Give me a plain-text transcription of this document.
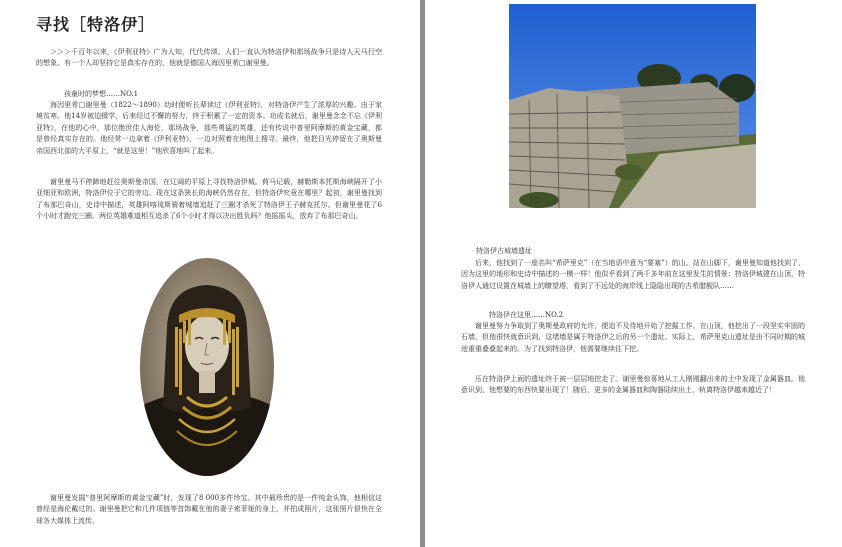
寻找［特洛伊］

＞＞＞千百年以来，《伊利亚特》广为人知，代代传颂。人们一直认为特洛伊和那场战争只是诗人天马行空的想象。有一个人却坚持它是真实存在的，他就是德国人海因里希□谢里曼。

孩童时的梦想……NO.1

海因里希□谢里曼（1822～1890）幼时便听长辈读过《伊利亚特》，对特洛伊产生了浓厚的兴趣。由于家境贫寒，他14岁被迫辍学，后来经过不懈的努力，终于积累了一定的资本。功成名就后，谢里曼念念不忘《伊利亚特》，在他的心中，那位绝世佳人海伦，那场战争，那些勇猛的英雄，还有传说中普里阿摩斯的黄金宝藏，都是曾经真实存在的。他经常一边拿着《伊利亚特》，一边对照着在地图上搜寻。最终，他把目光停留在了奥斯曼帝国西北部的大平原上，“就是这里！”他欣喜地叫了起来。

谢里曼马不停蹄地赶往奥斯曼帝国，在辽阔的平原上寻找特洛伊城。荷马记载，赫勒斯本托斯海峡隔开了小亚细亚和欧洲，特洛伊位于它的旁边。现在这条狭长的海峡仍然存在，但特洛伊究竟在哪里？起初，谢里曼找到了布那巴奇山，史诗中描述，英雄阿喀琉斯骑着城墙追赶了三圈才杀死了特洛伊王子赫克托尔。但谢里曼花了6个小时才跑完三圈。两位英雄难道相互追杀了6个小时才得以决出胜负吗？他摇摇头，放弃了布那巴奇山。

谢里曼发掘“普里阿摩斯的黄金宝藏”时，发现了8 000多件珍宝。其中最珍贵的是一件纯金头饰，他相信这曾经是海伦戴过的。谢里曼把它和几件项链等首饰戴在他的妻子索菲娅的身上，并拍成照片，这张照片很快在全球各大媒体上流传。

特洛伊古城墙遗址

后来，他找到了一座名叫“希萨里克”（在当地语中意为“要塞”）的山。站在山脚下，谢里曼知道他找到了，因为这里的地形和史诗中描述的一模一样！他似乎看到了两千多年前在这里发生的情景：特洛伊城建在山顶，特洛伊人通过设置在城墙上的瞭望塔，看到了不远处的海岸线上隐隐出现的古希腊舰队……

特洛伊在这里……NO.2

谢里曼努力争取到了奥斯曼政府的允许，便迫不及待地开始了挖掘工作。在山顶，他挖出了一段坚实牢固的石墙，但他很快就意识到，这堵墙是属于特洛伊之后的另一个遗址。实际上，希萨里克山遗址是由不同时期的城池重重叠叠起来的。为了找到特洛伊，他需要继续往下挖。

压在特洛伊上面的遗址终于被一层层地挖走了。谢里曼惊喜地从工人刚刚翻出来的土中发现了金属器皿。他意识到，他想要的东西快要出现了！随后，更多的金属器皿和陶器陆续出土，轨离特洛伊越来越近了！
